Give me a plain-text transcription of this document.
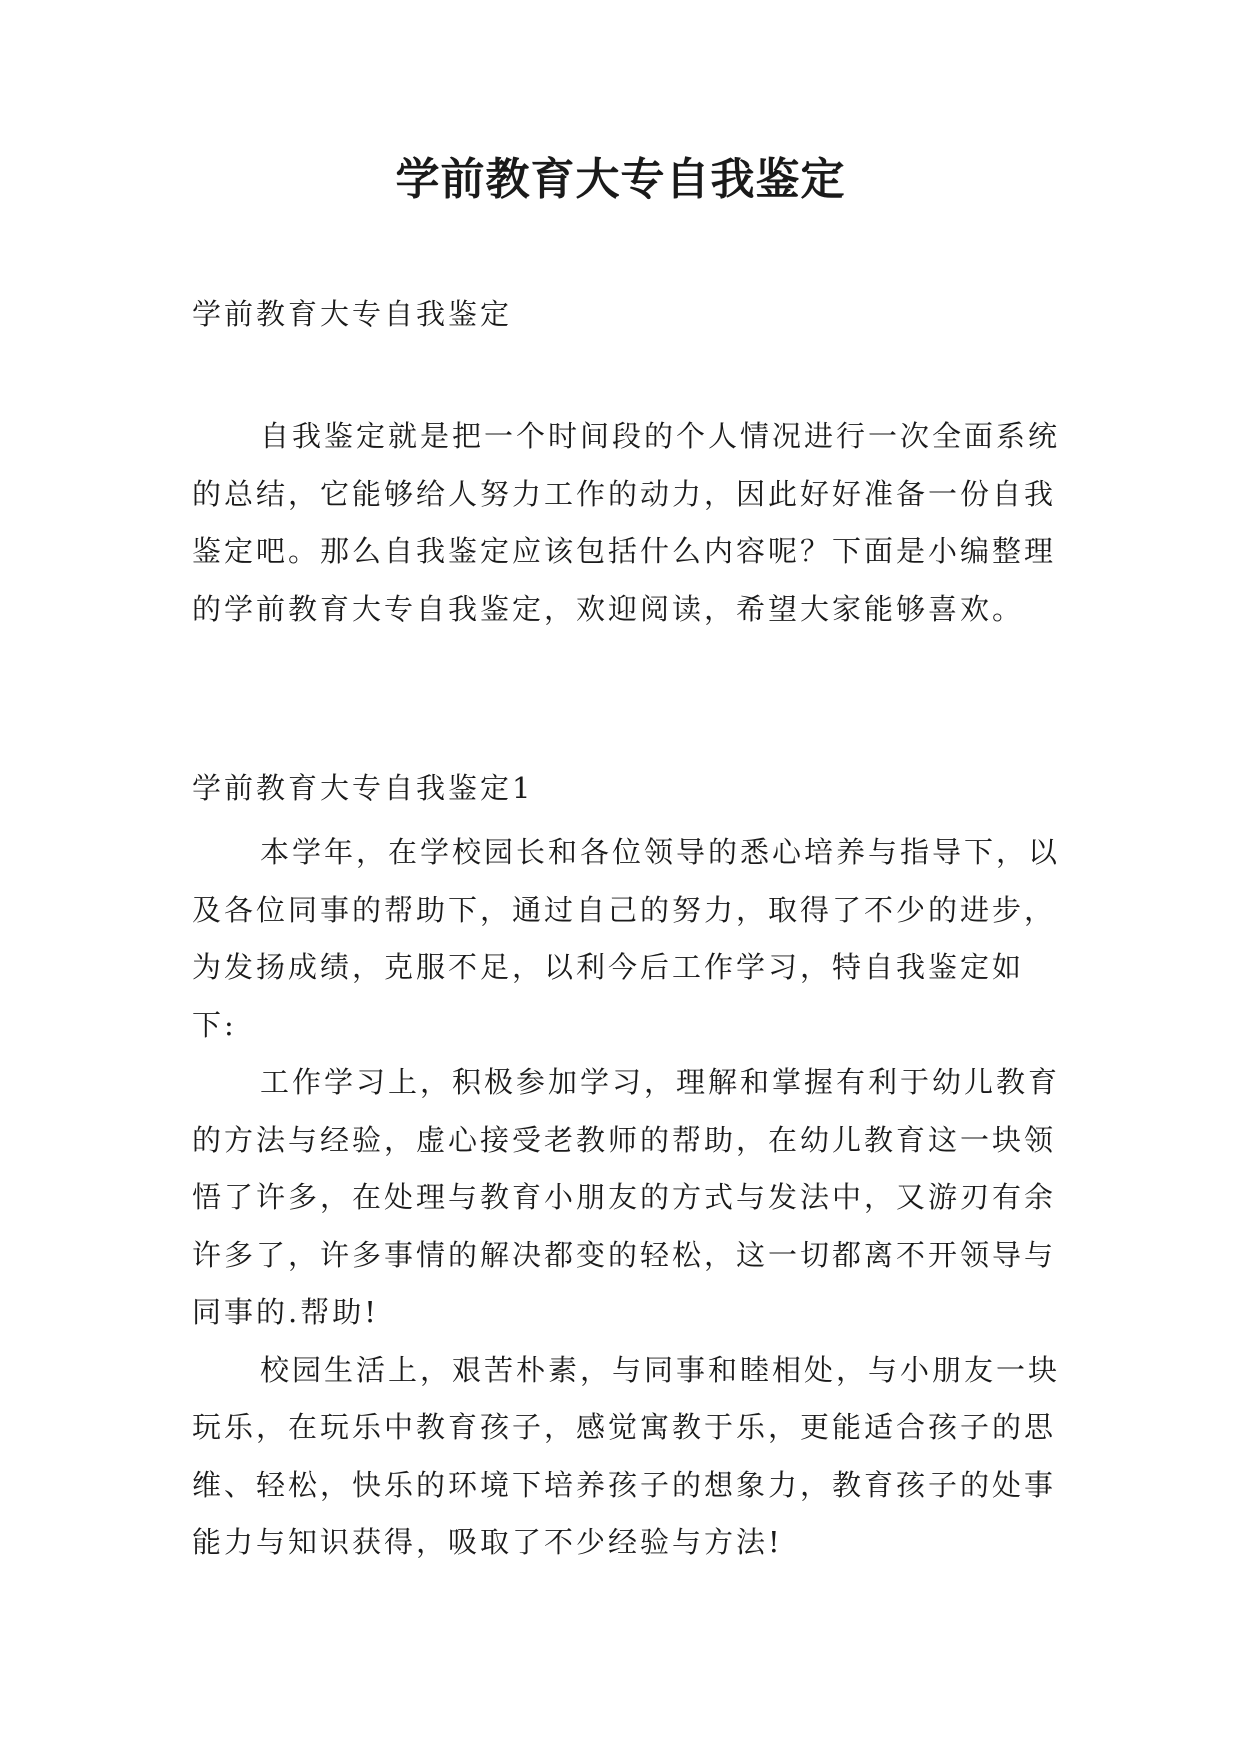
学前教育大专自我鉴定
学前教育大专自我鉴定

自我鉴定就是把一个时间段的个人情况进行一次全面系统的总结，它能够给人努力工作的动力，因此好好准备一份自我鉴定吧。那么自我鉴定应该包括什么内容呢？下面是小编整理的学前教育大专自我鉴定，欢迎阅读，希望大家能够喜欢。

学前教育大专自我鉴定1

本学年，在学校园长和各位领导的悉心培养与指导下，以及各位同事的帮助下，通过自己的努力，取得了不少的进步，为发扬成绩，克服不足，以利今后工作学习，特自我鉴定如下:

工作学习上，积极参加学习，理解和掌握有利于幼儿教育的方法与经验，虚心接受老教师的帮助，在幼儿教育这一块领悟了许多，在处理与教育小朋友的方式与发法中，又游刃有余许多了，许多事情的解决都变的轻松，这一切都离不开领导与同事的.帮助!

校园生活上，艰苦朴素，与同事和睦相处，与小朋友一块玩乐，在玩乐中教育孩子，感觉寓教于乐，更能适合孩子的思维、轻松，快乐的环境下培养孩子的想象力，教育孩子的处事能力与知识获得，吸取了不少经验与方法!
